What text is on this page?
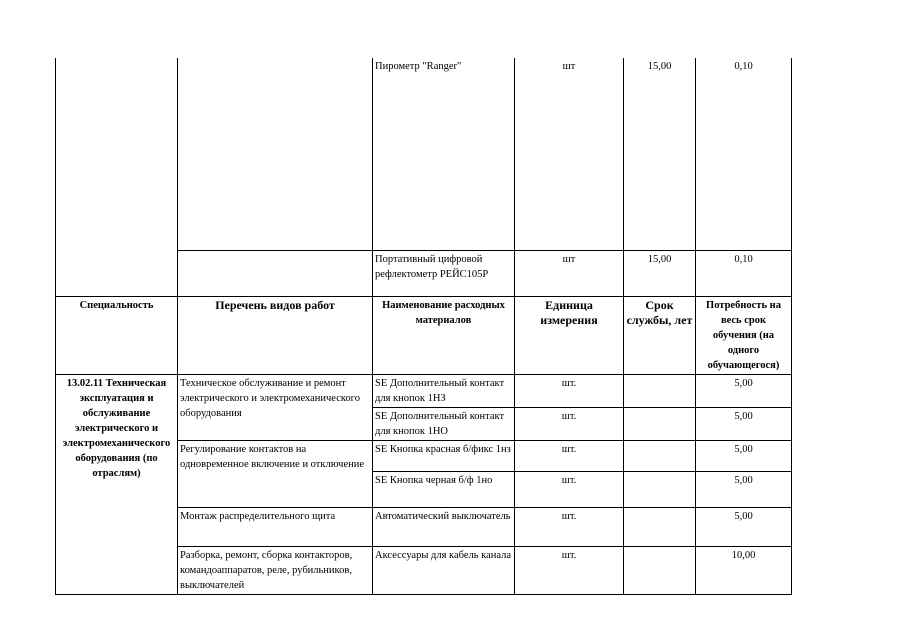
		Пирометр "Ranger"	шт	15,00	0,10
		Портативный цифровой рефлектометр РЕЙС105Р	шт	15,00	0,10
Специальность	Перечень видов работ	Наименование расходных материалов	Единица измерения	Срок службы, лет	Потребность на весь срок обучения (на одного обучающегося)
13.02.11 Техническая эксплуатация и обслуживание электрического и электромеханического оборудования (по отраслям)	Техническое обслуживание и ремонт электрического и электромеханического оборудования	SE Дополнительный контакт для кнопок 1НЗ	шт.		5,00
		SE Дополнительный контакт для кнопок 1НО	шт.		5,00
	Регулирование контактов на одновременное включение и отключение	SE Кнопка красная б/фикс 1нз	шт.		5,00
		SE Кнопка черная б/ф 1но	шт.		5,00
	Монтаж распределительного щита	Автоматический выключатель	шт.		5,00
	Разборка, ремонт, сборка контакторов, командоаппаратов, реле, рубильников, выключателей	Аксессуары для кабель канала	шт.		10,00
